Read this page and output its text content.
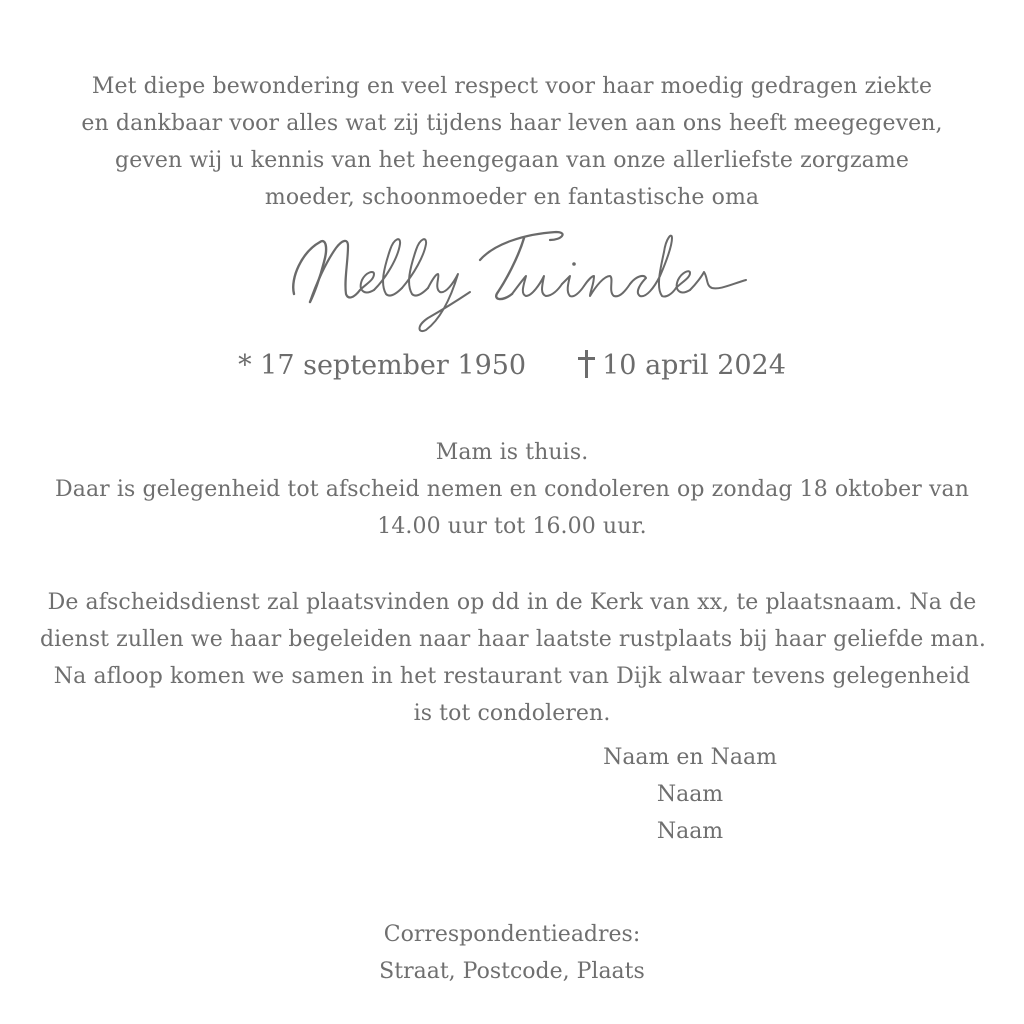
Met diepe bewondering en veel respect voor haar moedig gedragen ziekte
en dankbaar voor alles wat zij tijdens haar leven aan ons heeft meegegeven,
geven wij u kennis van het heengegaan van onze allerliefste zorgzame
moeder, schoonmoeder en fantastische oma
* 17 september 1950	10 april 2024
Mam is thuis.
Daar is gelegenheid tot afscheid nemen en condoleren op zondag 18 oktober van
14.00 uur tot 16.00 uur.
De afscheidsdienst zal plaatsvinden op dd in de Kerk van xx, te plaatsnaam. Na de
dienst zullen we haar begeleiden naar haar laatste rustplaats bij haar geliefde man.
Na afloop komen we samen in het restaurant van Dijk alwaar tevens gelegenheid
is tot condoleren.
Naam en Naam
Naam
Naam
Correspondentieadres:
Straat, Postcode, Plaats
